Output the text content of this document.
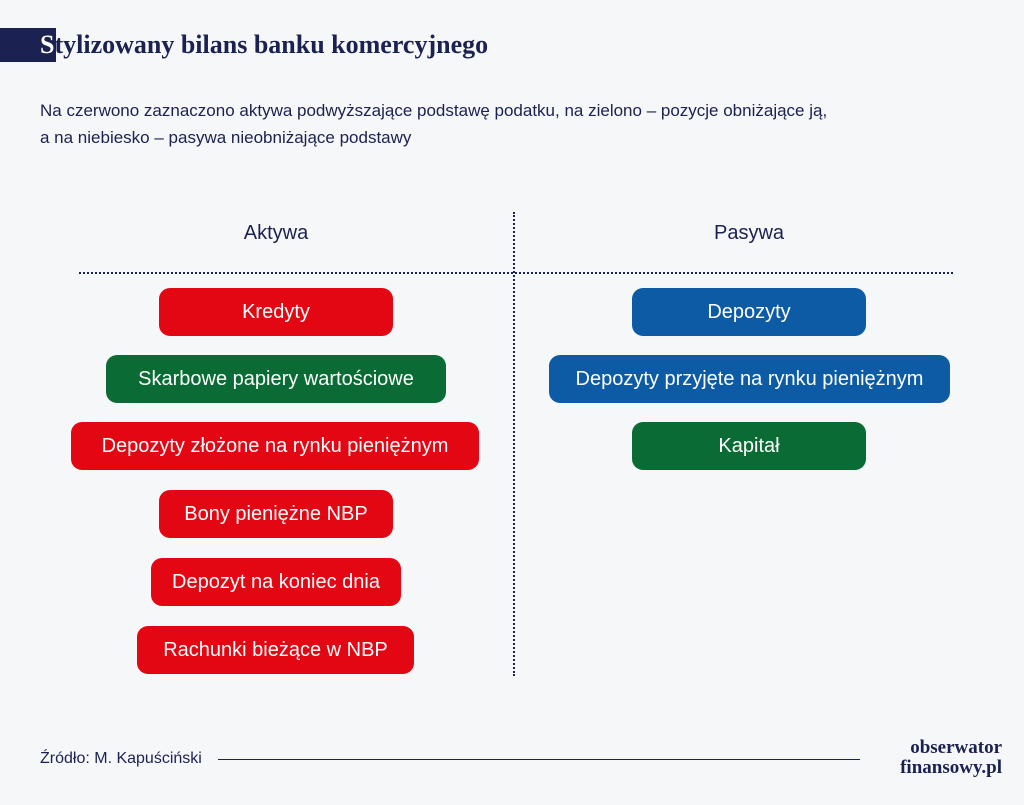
Stylizowany bilans banku komercyjnego

Na czerwono zaznaczono aktywa podwyższające podstawę podatku, na zielono – pozycje obniżające ją,
a na niebiesko – pasywa nieobniżające podstawy

Aktywa	Pasywa
Kredyty
Skarbowe papiery wartościowe
Depozyty złożone na rynku pieniężnym
Bony pieniężne NBP
Depozyt na koniec dnia
Rachunki bieżące w NBP
Depozyty
Depozyty przyjęte na rynku pieniężnym
Kapitał
Źródło: M. Kapuściński
obserwator
finansowy.pl
